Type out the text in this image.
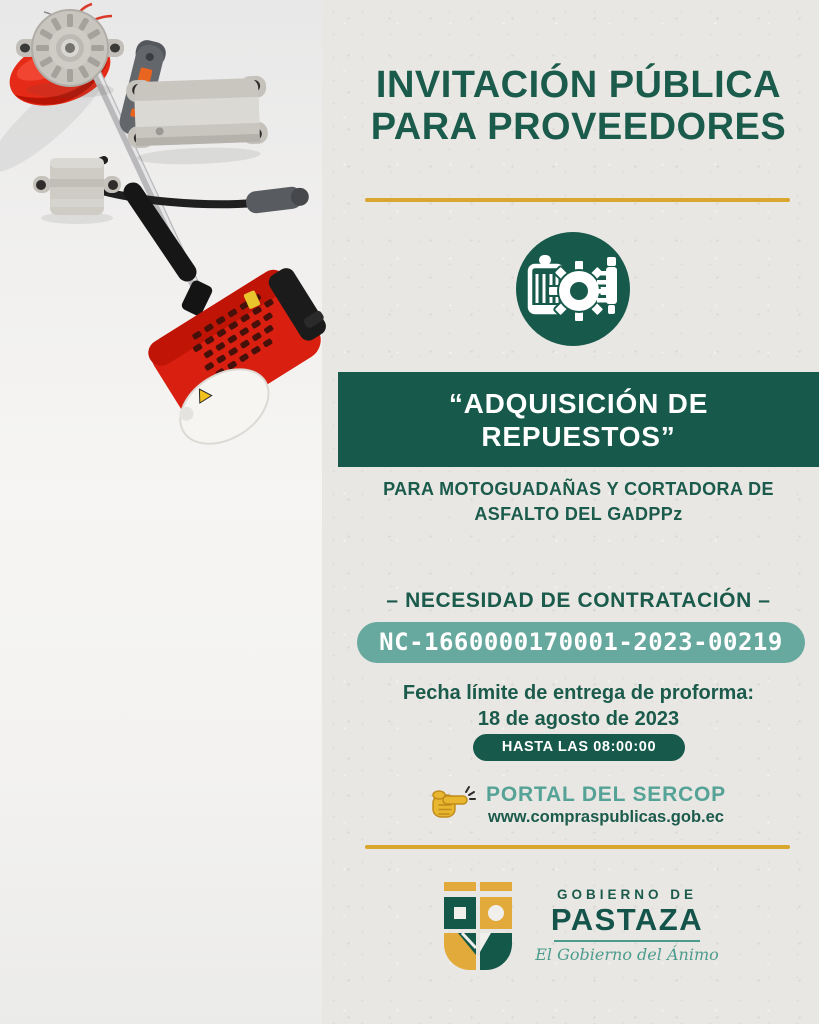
INVITACIÓN PÚBLICA
PARA PROVEEDORES
“ADQUISICIÓN DE
REPUESTOS”
PARA MOTOGUADAÑAS Y CORTADORA DE
ASFALTO DEL GADPPz
– NECESIDAD DE CONTRATACIÓN –
NC-1660000170001-2023-00219
Fecha límite de entrega de proforma:
18 de agosto de 2023
HASTA LAS 08:00:00
PORTAL DEL SERCOP
www.compraspublicas.gob.ec
GOBIERNO DE
PASTAZA
El Gobierno del Ánimo
